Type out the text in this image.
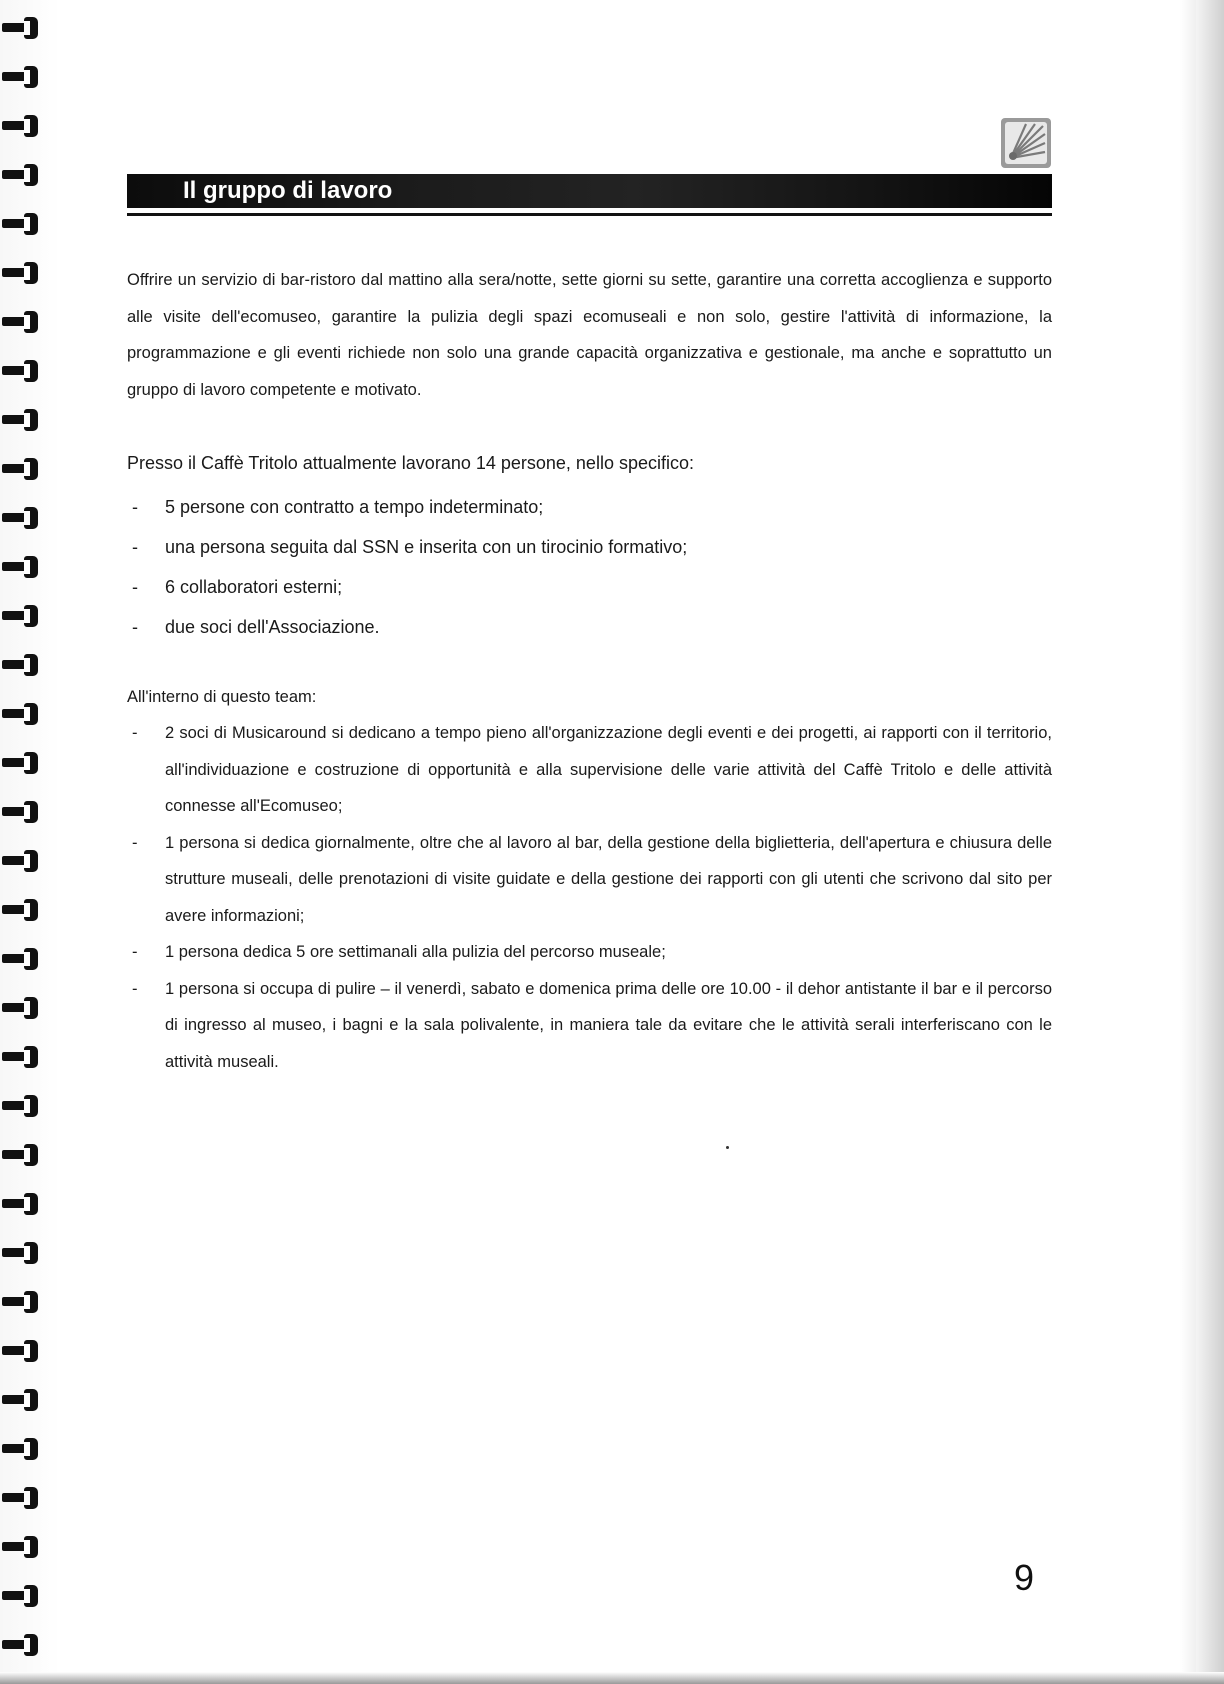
Il gruppo di lavoro
Offrire un servizio di bar-ristoro dal mattino alla sera/notte, sette giorni su sette, garantire una corretta accoglienza e supporto alle visite dell'ecomuseo, garantire la pulizia degli spazi ecomuseali e non solo, gestire l'attività di informazione, la programmazione e gli eventi richiede non solo una grande capacità organizzativa e gestionale, ma anche e soprattutto un gruppo di lavoro competente e motivato.
Presso il Caffè Tritolo attualmente lavorano 14 persone, nello specifico:
- 5 persone con contratto a tempo indeterminato;
- una persona seguita dal SSN e inserita con un tirocinio formativo;
- 6 collaboratori esterni;
- due soci dell'Associazione.
All'interno di questo team:
- 2 soci di Musicaround si dedicano a tempo pieno all'organizzazione degli eventi e dei progetti, ai rapporti con il territorio, all'individuazione e costruzione di opportunità e alla supervisione delle varie attività del Caffè Tritolo e delle attività connesse all'Ecomuseo;
- 1 persona si dedica giornalmente, oltre che al lavoro al bar, della gestione della biglietteria, dell'apertura e chiusura delle strutture museali, delle prenotazioni di visite guidate e della gestione dei rapporti con gli utenti che scrivono dal sito per avere informazioni;
- 1 persona dedica 5 ore settimanali alla pulizia del percorso museale;
- 1 persona si occupa di pulire – il venerdì, sabato e domenica prima delle ore 10.00 - il dehor antistante il bar e il percorso di ingresso al museo, i bagni e la sala polivalente, in maniera tale da evitare che le attività serali interferiscano con le attività museali.
9
